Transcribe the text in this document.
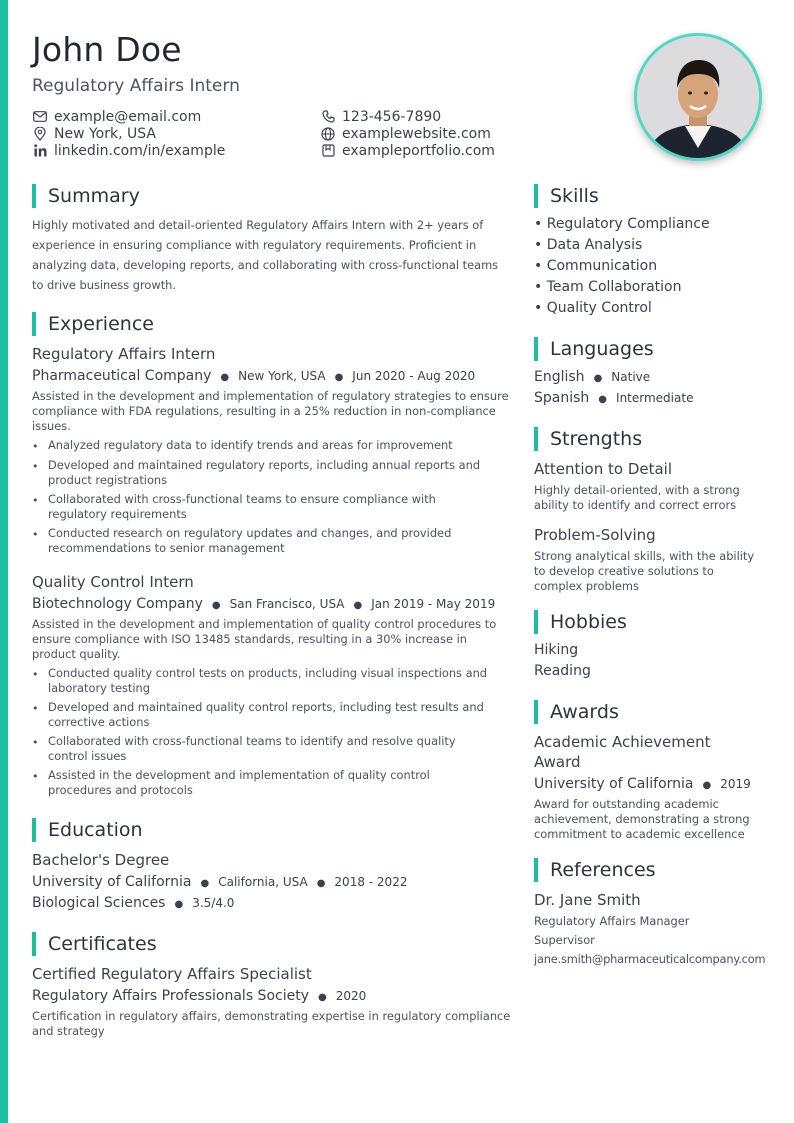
John Doe
Regulatory Affairs Intern
example@email.com
New York, USA
linkedin.com/in/example
123-456-7890
examplewebsite.com
exampleportfolio.com
Summary
Highly motivated and detail-oriented Regulatory Affairs Intern with 2+ years of
experience in ensuring compliance with regulatory requirements. Proficient in
analyzing data, developing reports, and collaborating with cross-functional teams
to drive business growth.
Experience
Regulatory Affairs Intern
Pharmaceutical Company ● New York, USA ● Jun 2020 - Aug 2020
Assisted in the development and implementation of regulatory strategies to ensure compliance with FDA regulations, resulting in a 25% reduction in non-compliance issues.
• Analyzed regulatory data to identify trends and areas for improvement
• Developed and maintained regulatory reports, including annual reports and product registrations
• Collaborated with cross-functional teams to ensure compliance with regulatory requirements
• Conducted research on regulatory updates and changes, and provided recommendations to senior management
Quality Control Intern
Biotechnology Company ● San Francisco, USA ● Jan 2019 - May 2019
Assisted in the development and implementation of quality control procedures to ensure compliance with ISO 13485 standards, resulting in a 30% increase in product quality.
• Conducted quality control tests on products, including visual inspections and laboratory testing
• Developed and maintained quality control reports, including test results and corrective actions
• Collaborated with cross-functional teams to identify and resolve quality control issues
• Assisted in the development and implementation of quality control procedures and protocols
Education
Bachelor's Degree
University of California ● California, USA ● 2018 - 2022
Biological Sciences ● 3.5/4.0
Certificates
Certified Regulatory Affairs Specialist
Regulatory Affairs Professionals Society ● 2020
Certification in regulatory affairs, demonstrating expertise in regulatory compliance and strategy
Skills
• Regulatory Compliance
• Data Analysis
• Communication
• Team Collaboration
• Quality Control
Languages
English ● Native
Spanish ● Intermediate
Strengths
Attention to Detail
Highly detail-oriented, with a strong ability to identify and correct errors
Problem-Solving
Strong analytical skills, with the ability to develop creative solutions to complex problems
Hobbies
Hiking
Reading
Awards
Academic Achievement
Award
University of California ● 2019
Award for outstanding academic achievement, demonstrating a strong commitment to academic excellence
References
Dr. Jane Smith
Regulatory Affairs Manager
Supervisor
jane.smith@pharmaceuticalcompany.com
